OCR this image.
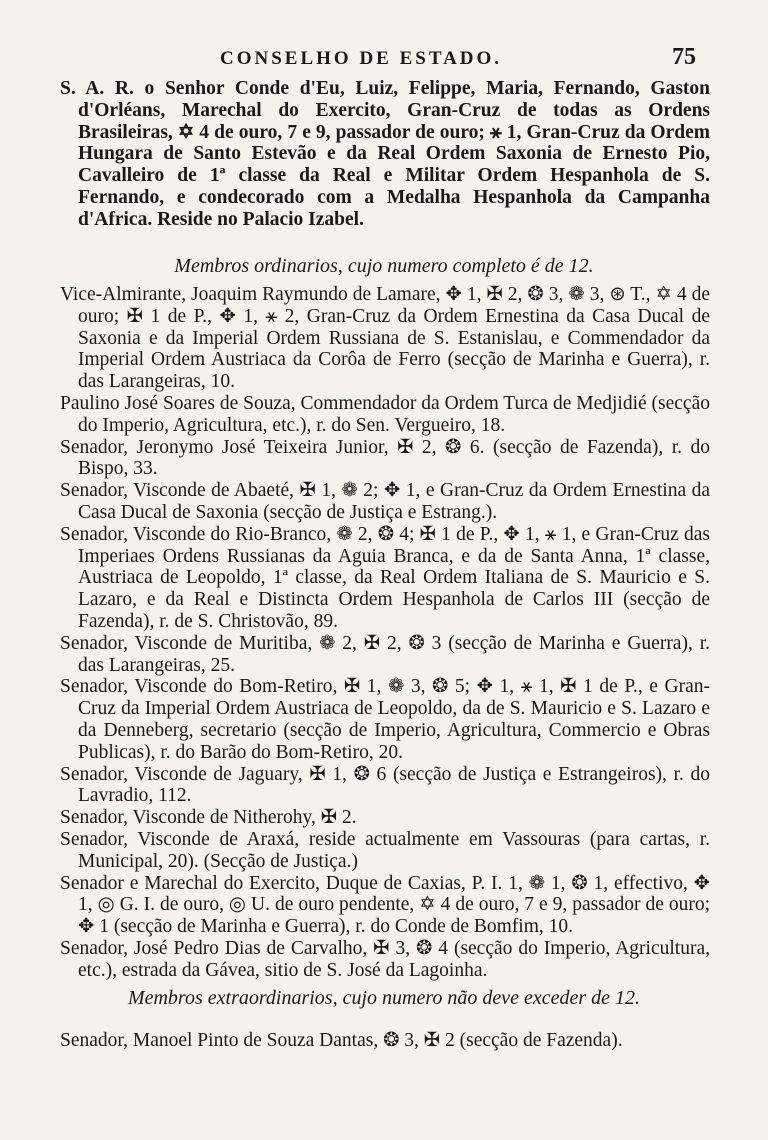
CONSELHO DE ESTADO.	75

S. A. R. o Senhor Conde d'Eu, Luiz, Felippe, Maria, Fernando, Gaston d'Orléans, Marechal do Exercito, Gran-Cruz de todas as Ordens Brasileiras, ✡ 4 de ouro, 7 e 9, passador de ouro; ⚹ 1, Gran-Cruz da Ordem Hungara de Santo Estevão e da Real Ordem Saxonia de Ernesto Pio, Cavalleiro de 1ª classe da Real e Militar Ordem Hespanhola de S. Fernando, e condecorado com a Medalha Hespanhola da Campanha d'Africa. Reside no Palacio Izabel.

Membros ordinarios, cujo numero completo é de 12.

Vice-Almirante, Joaquim Raymundo de Lamare, ✥ 1, ✠ 2, ❂ 3, ❁ 3, ⊛ T., ✡ 4 de ouro; ✠ 1 de P., ✥ 1, ⚹ 2, Gran-Cruz da Ordem Ernestina da Casa Ducal de Saxonia e da Imperial Ordem Russiana de S. Estanislau, e Commendador da Imperial Ordem Austriaca da Corôa de Ferro (secção de Marinha e Guerra), r. das Larangeiras, 10.

Paulino José Soares de Souza, Commendador da Ordem Turca de Medjidié (secção do Imperio, Agricultura, etc.), r. do Sen. Vergueiro, 18.

Senador, Jeronymo José Teixeira Junior, ✠ 2, ❂ 6. (secção de Fazenda), r. do Bispo, 33.

Senador, Visconde de Abaeté, ✠ 1, ❁ 2; ✥ 1, e Gran-Cruz da Ordem Ernestina da Casa Ducal de Saxonia (secção de Justiça e Estrang.).

Senador, Visconde do Rio-Branco, ❁ 2, ❂ 4; ✠ 1 de P., ✥ 1, ⚹ 1, e Gran-Cruz das Imperiaes Ordens Russianas da Aguia Branca, e da de Santa Anna, 1ª classe, Austriaca de Leopoldo, 1ª classe, da Real Ordem Italiana de S. Mauricio e S. Lazaro, e da Real e Distincta Ordem Hespanhola de Carlos III (secção de Fazenda), r. de S. Christovão, 89.

Senador, Visconde de Muritiba, ❁ 2, ✠ 2, ❂ 3 (secção de Marinha e Guerra), r. das Larangeiras, 25.

Senador, Visconde do Bom-Retiro, ✠ 1, ❁ 3, ❂ 5; ✥ 1, ⚹ 1, ✠ 1 de P., e Gran-Cruz da Imperial Ordem Austriaca de Leopoldo, da de S. Mauricio e S. Lazaro e da Denneberg, secretario (secção de Imperio, Agricultura, Commercio e Obras Publicas), r. do Barão do Bom-Retiro, 20.

Senador, Visconde de Jaguary, ✠ 1, ❂ 6 (secção de Justiça e Estrangeiros), r. do Lavradio, 112.

Senador, Visconde de Nitherohy, ✠ 2.

Senador, Visconde de Araxá, reside actualmente em Vassouras (para cartas, r. Municipal, 20). (Secção de Justiça.)

Senador e Marechal do Exercito, Duque de Caxias, P. I. 1, ❁ 1, ❂ 1, effectivo, ✥ 1, ◎ G. I. de ouro, ◎ U. de ouro pendente, ✡ 4 de ouro, 7 e 9, passador de ouro; ✥ 1 (secção de Marinha e Guerra), r. do Conde de Bomfim, 10.

Senador, José Pedro Dias de Carvalho, ✠ 3, ❂ 4 (secção do Imperio, Agricultura, etc.), estrada da Gávea, sitio de S. José da Lagoinha.

Membros extraordinarios, cujo numero não deve exceder de 12.

Senador, Manoel Pinto de Souza Dantas, ❂ 3, ✠ 2 (secção de Fazenda).
